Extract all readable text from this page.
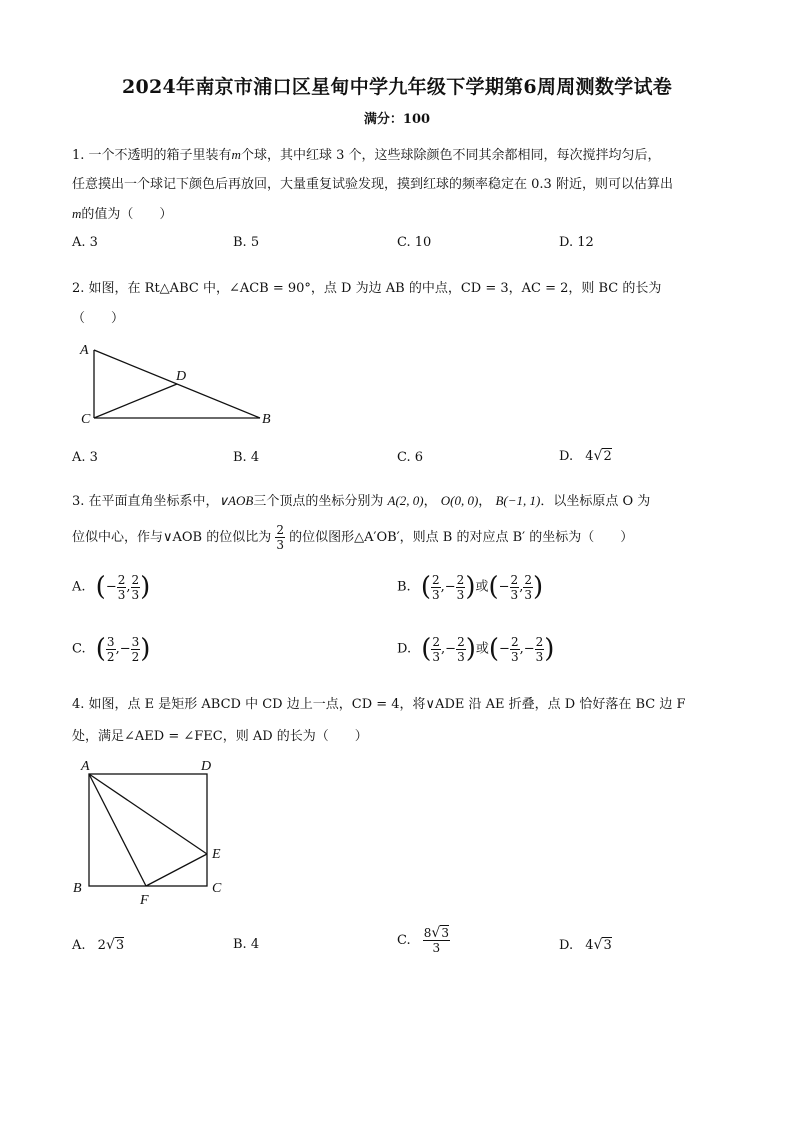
2024年南京市浦口区星甸中学九年级下学期第6周周测数学试卷
满分：100
1. 一个不透明的箱子里装有m个球，其中红球 3 个，这些球除颜色不同其余都相同，每次搅拌均匀后，
任意摸出一个球记下颜色后再放回，大量重复试验发现，摸到红球的频率稳定在 0.3 附近，则可以估算出
m的值为（　　）
A. 3	B. 5	C. 10	D. 12
2. 如图，在 Rt△ABC 中，∠ACB = 90°，点 D 为边 AB 的中点，CD = 3，AC = 2，则 BC 的长为
（　　）
A
D
C	B
A. 3	B. 4	C. 6	D. 4√2
3. 在平面直角坐标系中，∨AOB三个顶点的坐标分别为 A(2, 0)， O(0, 0)， B(−1, 1)．以坐标原点 O 为
位似中心，作与∨AOB 的位似比为 $\frac{2}{3}$ 的位似图形△A′OB′，则点 B 的对应点 B′ 的坐标为（　　）
A. (− $\frac{2}{3}$ , $\frac{2}{3}$ )	B. ( $\frac{2}{3}$ ,− $\frac{2}{3}$ )或(− $\frac{2}{3}$ , $\frac{2}{3}$ )
C. ( $\frac{3}{2}$ ,− $\frac{3}{2}$ )	D. ( $\frac{2}{3}$ ,− $\frac{2}{3}$ )或(− $\frac{2}{3}$ ,− $\frac{2}{3}$ )
4. 如图，点 E 是矩形 ABCD 中 CD 边上一点，CD = 4，将∨ADE 沿 AE 折叠，点 D 恰好落在 BC 边 F
处，满足∠AED = ∠FEC，则 AD 的长为（　　）
A	D
E
B	C
F
A. 2√3	B. 4	C. $\frac{8√3}{3}$	D. 4√3
